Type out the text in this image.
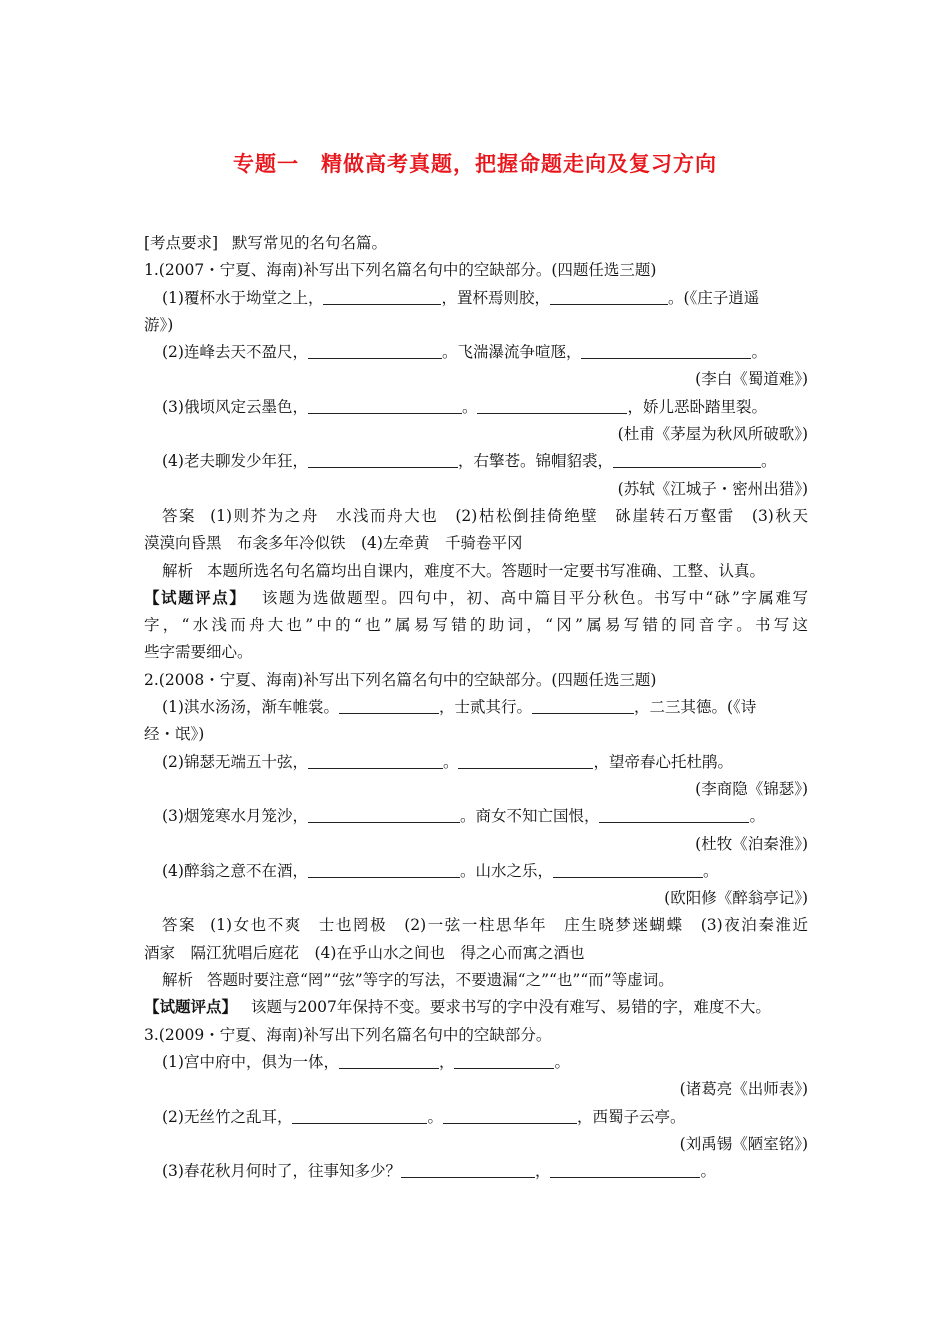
专题一　精做高考真题，把握命题走向及复习方向
[考点要求] 默写常见的名句名篇。
1.(2007・宁夏、海南)补写出下列名篇名句中的空缺部分。(四题任选三题)
(1)覆杯水于坳堂之上，	，置杯焉则胶，	。(《庄子逍遥
游》)
(2)连峰去天不盈尺，	。飞湍瀑流争喧豗，	。
(李白《蜀道难》)
(3)俄顷风定云墨色，	。	，娇儿恶卧踏里裂。
(杜甫《茅屋为秋风所破歌》)
(4)老夫聊发少年狂，	，右擎苍。锦帽貂裘，	。
(苏轼《江城子・密州出猎》)
答案 (1)则芥为之舟　水浅而舟大也　(2)枯松倒挂倚绝壁　砯崖转石万壑雷　(3)秋天
漠漠向昏黑　布衾多年冷似铁　(4)左牵黄　千骑卷平冈
解析 本题所选名句名篇均出自课内，难度不大。答题时一定要书写准确、工整、认真。
【试题评点】 该题为选做题型。四句中，初、高中篇目平分秋色。书写中“砯”字属难写
字，“水浅而舟大也”中的“也”属易写错的助词，“冈”属易写错的同音字。书写这
些字需要细心。
2.(2008・宁夏、海南)补写出下列名篇名句中的空缺部分。(四题任选三题)
(1)淇水汤汤，渐车帷裳。	，士贰其行。	，二三其德。(《诗
经・氓》)
(2)锦瑟无端五十弦，	。	，望帝春心托杜鹃。
(李商隐《锦瑟》)
(3)烟笼寒水月笼沙，	。商女不知亡国恨，	。
(杜牧《泊秦淮》)
(4)醉翁之意不在酒，	。山水之乐，	。
(欧阳修《醉翁亭记》)
答案 (1)女也不爽　士也罔极　(2)一弦一柱思华年　庄生晓梦迷蝴蝶　(3)夜泊秦淮近
酒家　隔江犹唱后庭花　(4)在乎山水之间也　得之心而寓之酒也
解析 答题时要注意“罔”“弦”等字的写法，不要遗漏“之”“也”“而”等虚词。
【试题评点】 该题与2007年保持不变。要求书写的字中没有难写、易错的字，难度不大。
3.(2009・宁夏、海南)补写出下列名篇名句中的空缺部分。
(1)宫中府中，俱为一体，	，	。
(诸葛亮《出师表》)
(2)无丝竹之乱耳，	。	，西蜀子云亭。
(刘禹锡《陋室铭》)
(3)春花秋月何时了，往事知多少？	，	。
